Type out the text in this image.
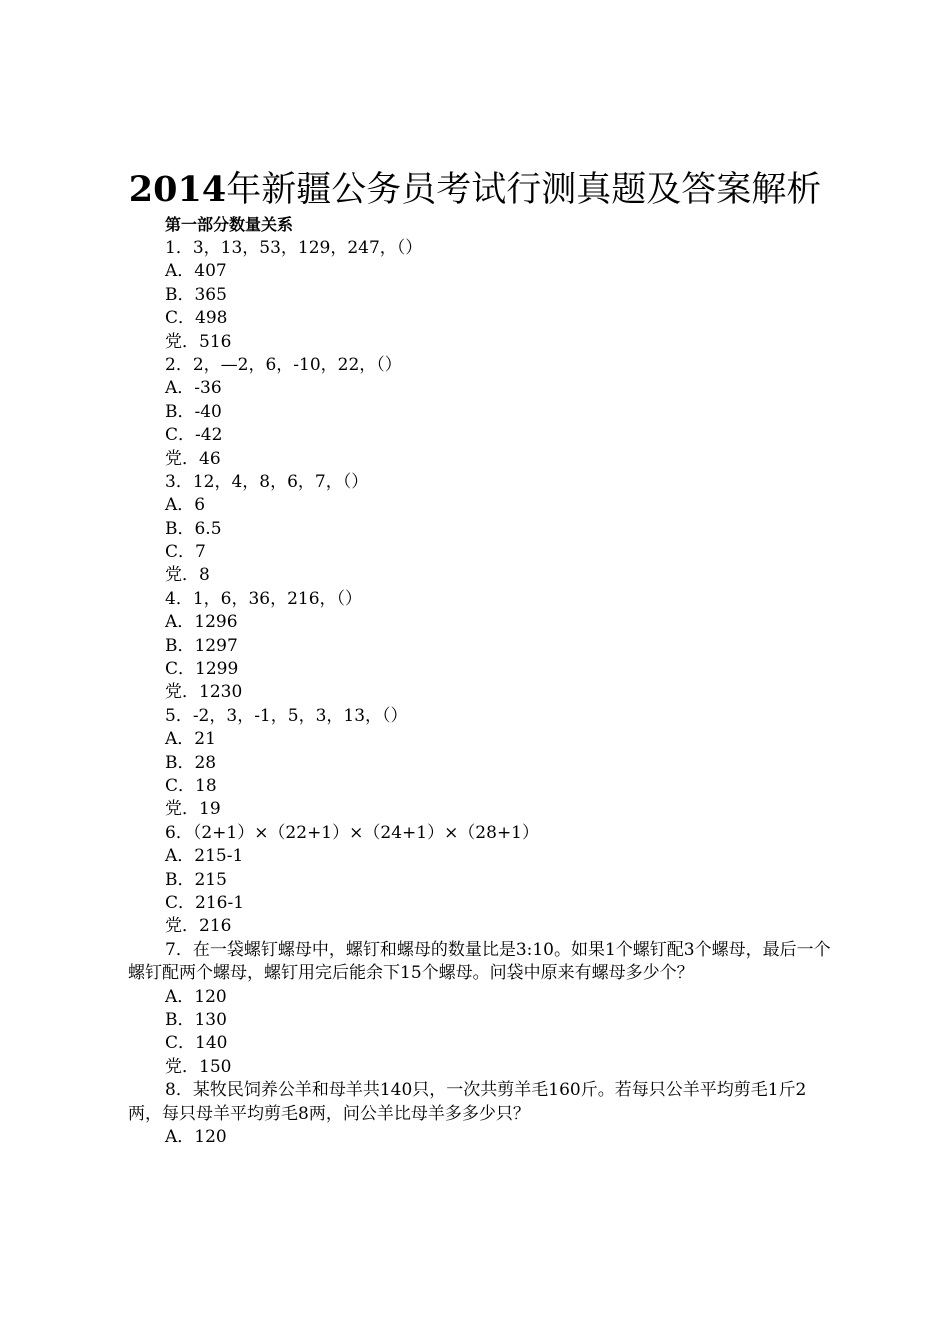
2014年新疆公务员考试行测真题及答案解析
第一部分数量关系
1．3，13，53，129，247，（）
A．407
B．365
C．498
党．516
2．2，—2，6，-10，22，（）
A．-36
B．-40
C．-42
党．46
3．12，4，8，6，7，（）
A．6
B．6.5
C．7
党．8
4．1，6，36，216，（）
A．1296
B．1297
C．1299
党．1230
5．-2，3，-1，5，3，13，（）
A．21
B．28
C．18
党．19
6．（2+1）×（22+1）×（24+1）×（28+1）
A．215-1
B．215
C．216-1
党．216
7．在一袋螺钉螺母中，螺钉和螺母的数量比是3:10。如果1个螺钉配3个螺母，最后一个螺钉配两个螺母，螺钉用完后能余下15个螺母。问袋中原来有螺母多少个？
A．120
B．130
C．140
党．150
8．某牧民饲养公羊和母羊共140只，一次共剪羊毛160斤。若每只公羊平均剪毛1斤2两，每只母羊平均剪毛8两，问公羊比母羊多多少只？
A．120
